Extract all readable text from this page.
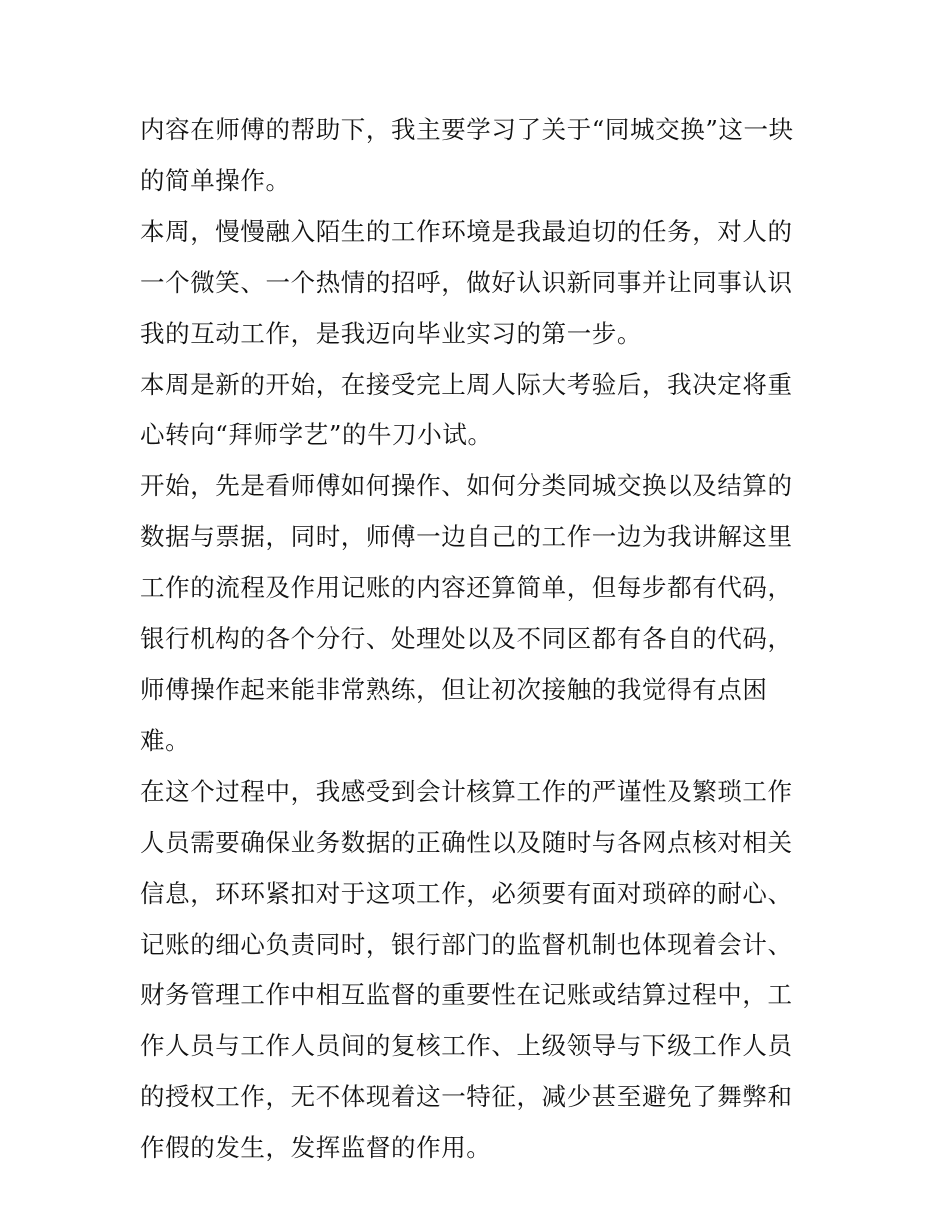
内容在师傅的帮助下，我主要学习了关于“同城交换”这一块的简单操作。

本周，慢慢融入陌生的工作环境是我最迫切的任务，对人的一个微笑、一个热情的招呼，做好认识新同事并让同事认识我的互动工作，是我迈向毕业实习的第一步。

本周是新的开始，在接受完上周人际大考验后，我决定将重心转向“拜师学艺”的牛刀小试。

开始，先是看师傅如何操作、如何分类同城交换以及结算的数据与票据，同时，师傅一边自己的工作一边为我讲解这里工作的流程及作用记账的内容还算简单，但每步都有代码，银行机构的各个分行、处理处以及不同区都有各自的代码，师傅操作起来能非常熟练，但让初次接触的我觉得有点困难。

在这个过程中，我感受到会计核算工作的严谨性及繁琐工作人员需要确保业务数据的正确性以及随时与各网点核对相关信息，环环紧扣对于这项工作，必须要有面对琐碎的耐心、记账的细心负责同时，银行部门的监督机制也体现着会计、财务管理工作中相互监督的重要性在记账或结算过程中，工作人员与工作人员间的复核工作、上级领导与下级工作人员的授权工作，无不体现着这一特征，减少甚至避免了舞弊和作假的发生，发挥监督的作用。
